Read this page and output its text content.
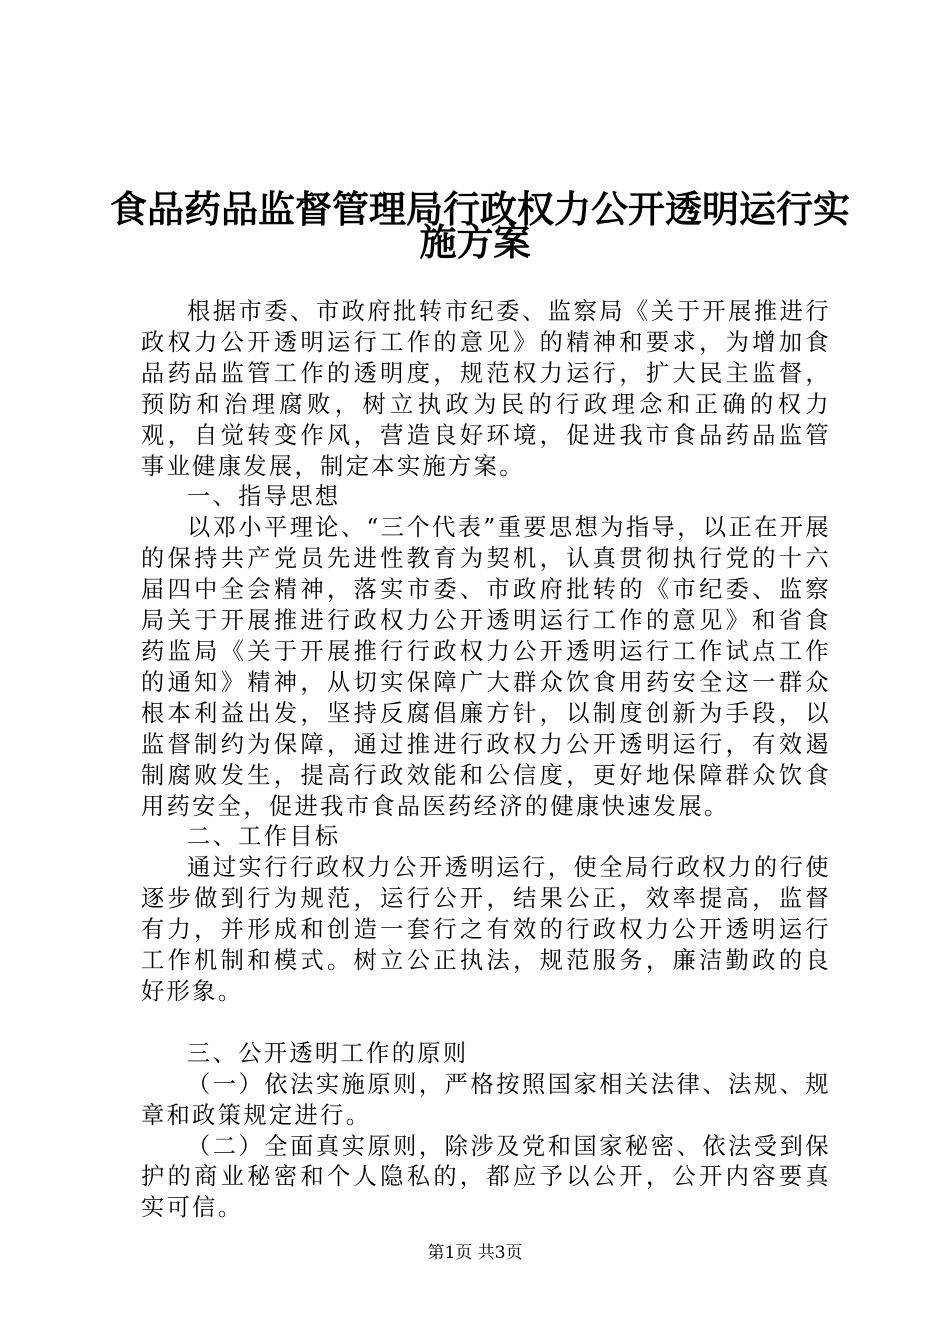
食品药品监督管理局行政权力公开透明运行实
施方案

根据市委、市政府批转市纪委、监察局《关于开展推进行政权力公开透明运行工作的意见》的精神和要求，为增加食品药品监管工作的透明度，规范权力运行，扩大民主监督，预防和治理腐败，树立执政为民的行政理念和正确的权力观，自觉转变作风，营造良好环境，促进我市食品药品监管事业健康发展，制定本实施方案。

一、指导思想

以邓小平理论、“三个代表”重要思想为指导，以正在开展的保持共产党员先进性教育为契机，认真贯彻执行党的十六届四中全会精神，落实市委、市政府批转的《市纪委、监察局关于开展推进行政权力公开透明运行工作的意见》和省食药监局《关于开展推行行政权力公开透明运行工作试点工作的通知》精神，从切实保障广大群众饮食用药安全这一群众根本利益出发，坚持反腐倡廉方针，以制度创新为手段，以监督制约为保障，通过推进行政权力公开透明运行，有效遏制腐败发生，提高行政效能和公信度，更好地保障群众饮食用药安全，促进我市食品医药经济的健康快速发展。

二、工作目标

通过实行行政权力公开透明运行，使全局行政权力的行使逐步做到行为规范，运行公开，结果公正，效率提高，监督有力，并形成和创造一套行之有效的行政权力公开透明运行工作机制和模式。树立公正执法，规范服务，廉洁勤政的良好形象。

三、公开透明工作的原则

（一）依法实施原则，严格按照国家相关法律、法规、规章和政策规定进行。

（二）全面真实原则，除涉及党和国家秘密、依法受到保护的商业秘密和个人隐私的，都应予以公开，公开内容要真实可信。

第1页 共3页
